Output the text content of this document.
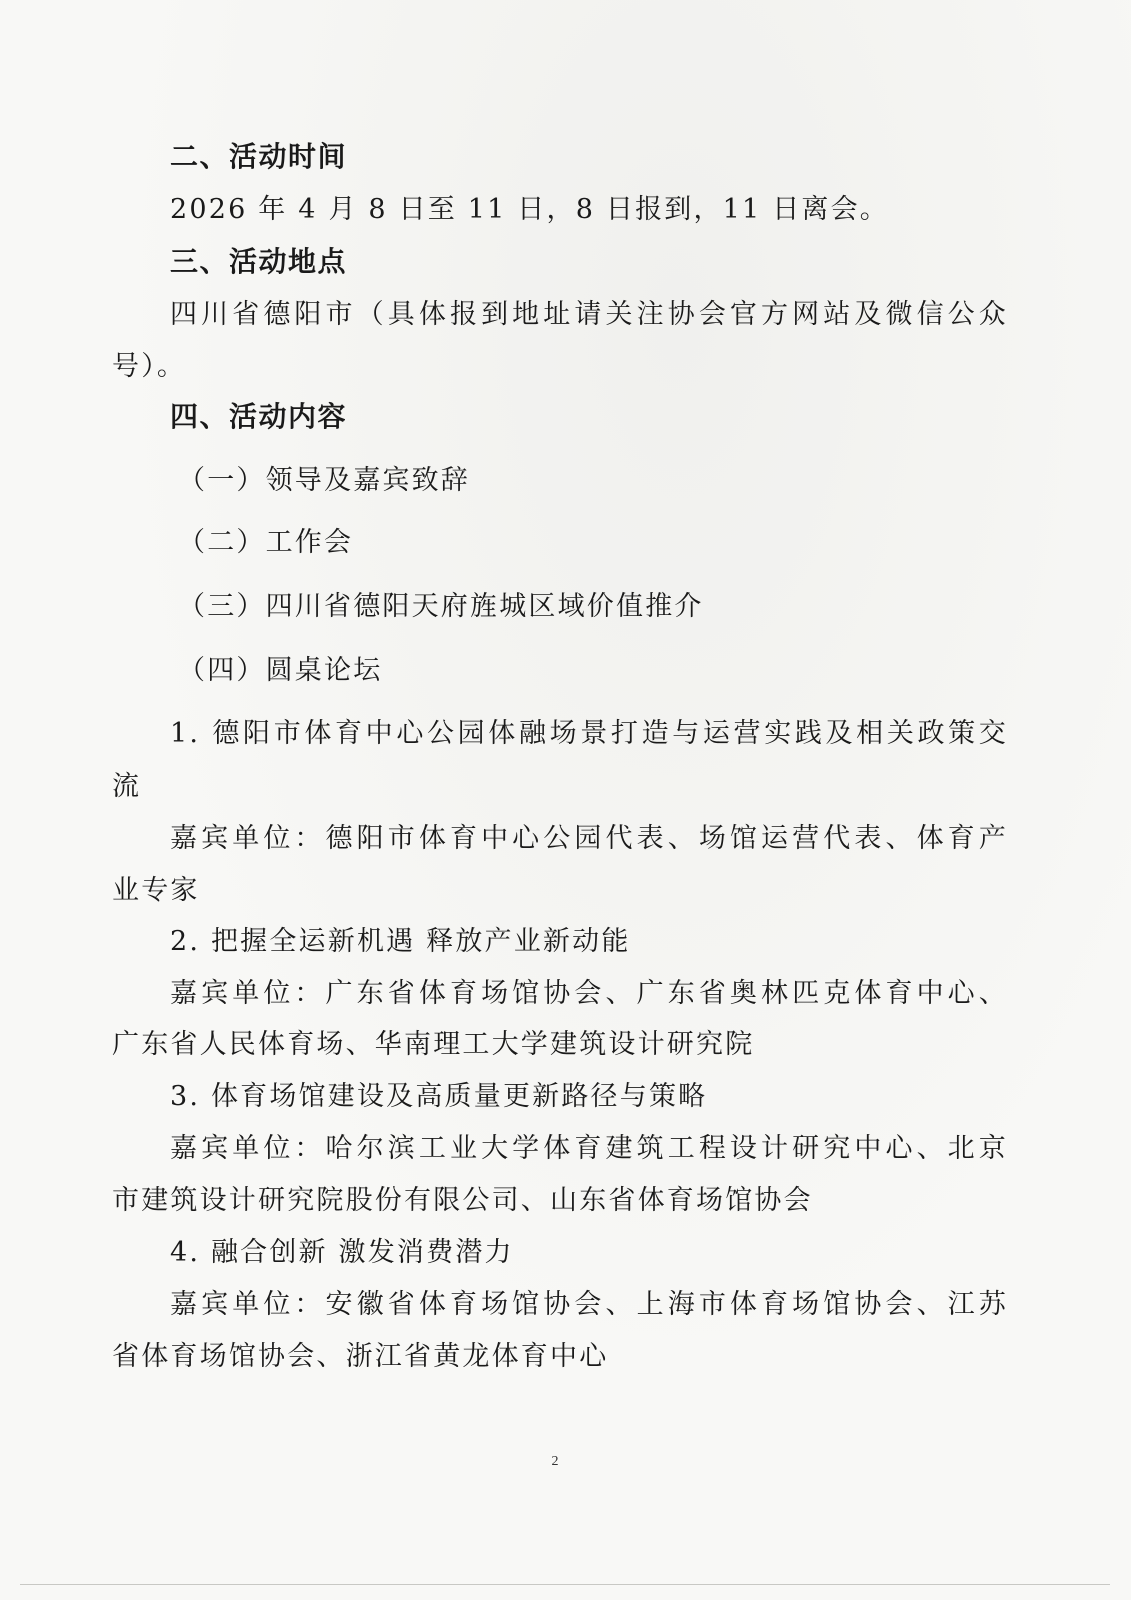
二、活动时间
2026 年 4 月 8 日至 11 日，8 日报到，11 日离会。
三、活动地点
四川省德阳市（具体报到地址请关注协会官方网站及微信公众
号）。
四、活动内容
（一）领导及嘉宾致辞
（二）工作会
（三）四川省德阳天府旌城区域价值推介
（四）圆桌论坛
1. 德阳市体育中心公园体融场景打造与运营实践及相关政策交
流
嘉宾单位：德阳市体育中心公园代表、场馆运营代表、体育产
业专家
2. 把握全运新机遇 释放产业新动能
嘉宾单位：广东省体育场馆协会、广东省奥林匹克体育中心、
广东省人民体育场、华南理工大学建筑设计研究院
3. 体育场馆建设及高质量更新路径与策略
嘉宾单位：哈尔滨工业大学体育建筑工程设计研究中心、北京
市建筑设计研究院股份有限公司、山东省体育场馆协会
4. 融合创新 激发消费潜力
嘉宾单位：安徽省体育场馆协会、上海市体育场馆协会、江苏
省体育场馆协会、浙江省黄龙体育中心
2
